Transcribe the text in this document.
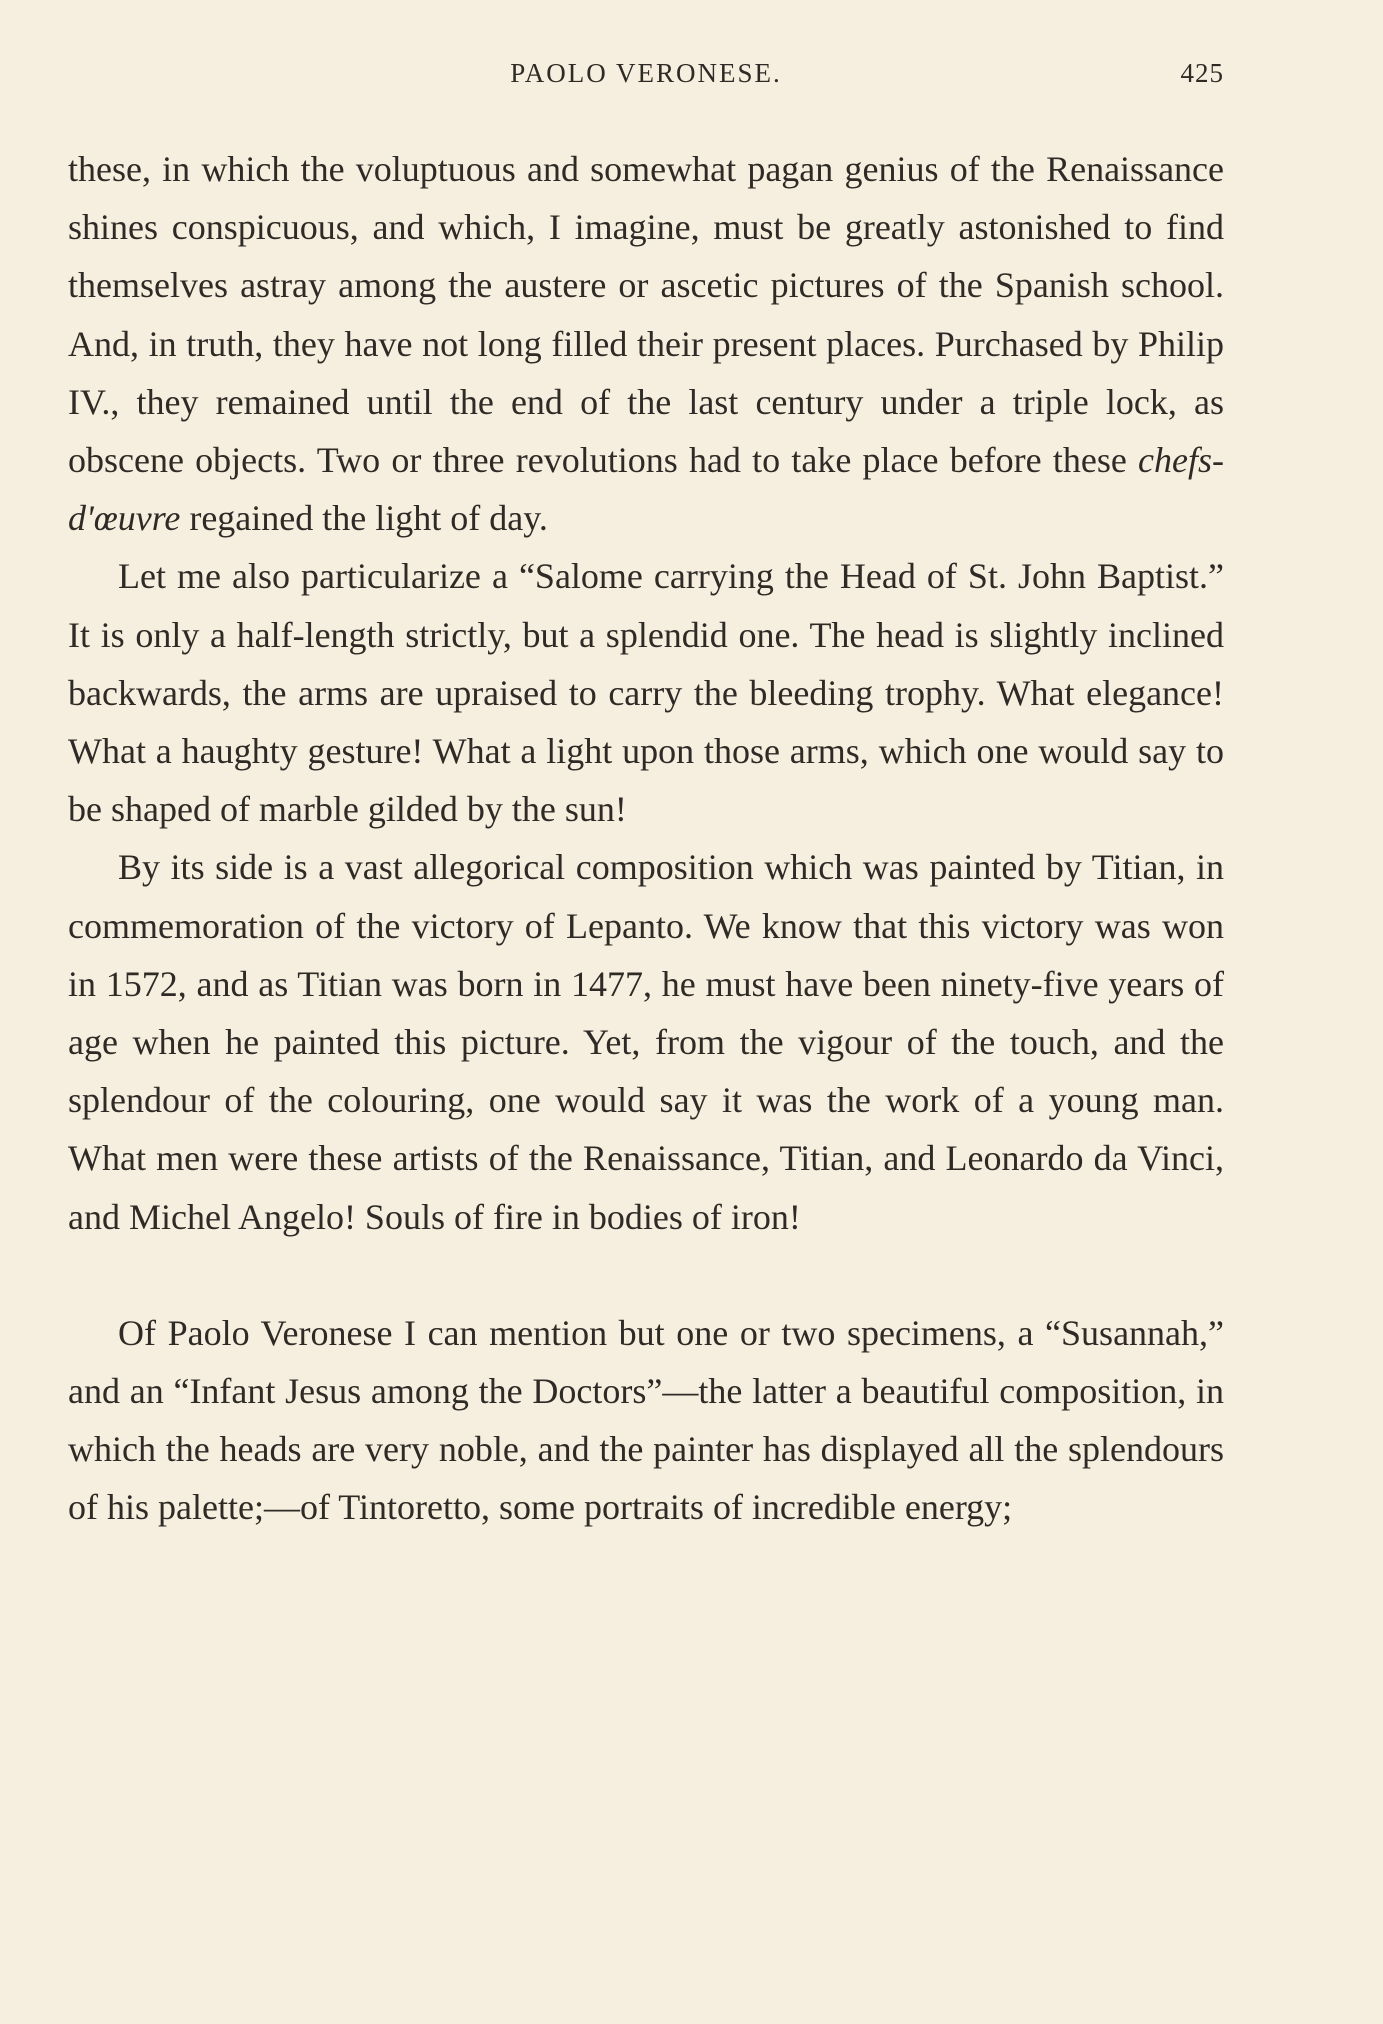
PAOLO VERONESE.	425

these, in which the voluptuous and somewhat pagan genius of the Renaissance shines conspicuous, and which, I imagine, must be greatly astonished to find themselves astray among the austere or ascetic pictures of the Spanish school. And, in truth, they have not long filled their present places. Purchased by Philip IV., they remained until the end of the last century under a triple lock, as obscene objects. Two or three revolutions had to take place before these chefs-d'œuvre regained the light of day.

Let me also particularize a “Salome carrying the Head of St. John Baptist.” It is only a half-length strictly, but a splendid one. The head is slightly inclined backwards, the arms are upraised to carry the bleeding trophy. What elegance! What a haughty gesture! What a light upon those arms, which one would say to be shaped of marble gilded by the sun!

By its side is a vast allegorical composition which was painted by Titian, in commemoration of the victory of Lepanto. We know that this victory was won in 1572, and as Titian was born in 1477, he must have been ninety-five years of age when he painted this picture. Yet, from the vigour of the touch, and the splendour of the colouring, one would say it was the work of a young man. What men were these artists of the Renaissance, Titian, and Leonardo da Vinci, and Michel Angelo! Souls of fire in bodies of iron!

Of Paolo Veronese I can mention but one or two specimens, a “Susannah,” and an “Infant Jesus among the Doctors”—the latter a beautiful composition, in which the heads are very noble, and the painter has displayed all the splendours of his palette;—of Tintoretto, some portraits of incredible energy;
